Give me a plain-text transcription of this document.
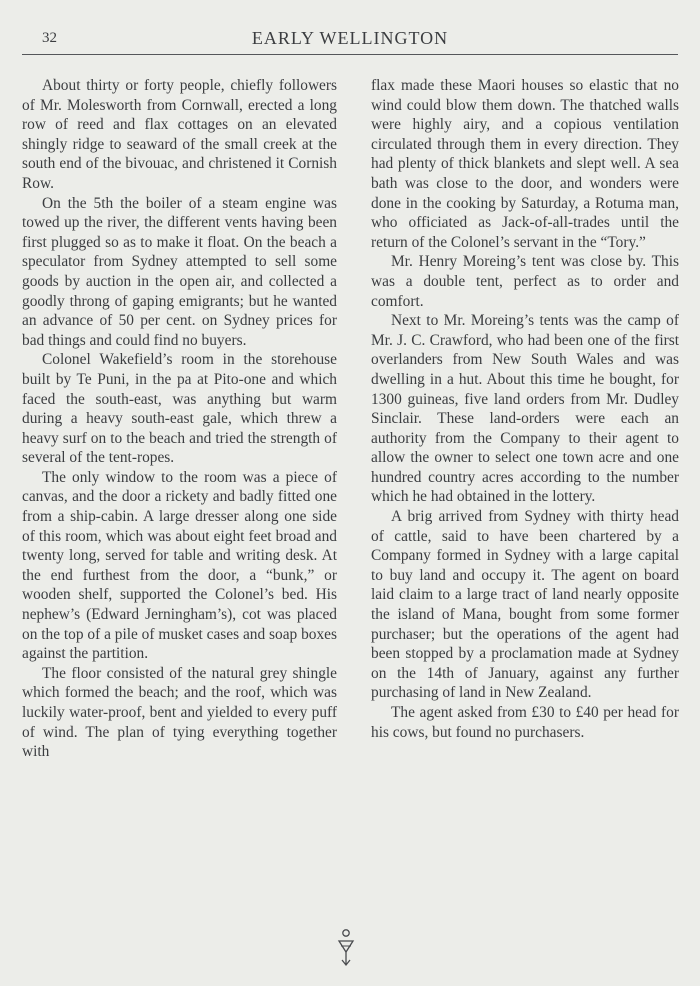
32	EARLY WELLINGTON

About thirty or forty people, chiefly followers of Mr. Molesworth from Cornwall, erected a long row of reed and flax cottages on an elevated shingly ridge to seaward of the small creek at the south end of the bivouac, and christened it Cornish Row.

On the 5th the boiler of a steam engine was towed up the river, the different vents having been first plugged so as to make it float. On the beach a speculator from Sydney attempted to sell some goods by auction in the open air, and collected a goodly throng of gaping emigrants; but he wanted an advance of 50 per cent. on Sydney prices for bad things and could find no buyers.

Colonel Wakefield’s room in the storehouse built by Te Puni, in the pa at Pito-one and which faced the south-east, was anything but warm during a heavy south-east gale, which threw a heavy surf on to the beach and tried the strength of several of the tent-ropes.

The only window to the room was a piece of canvas, and the door a rickety and badly fitted one from a ship-cabin. A large dresser along one side of this room, which was about eight feet broad and twenty long, served for table and writing desk. At the end furthest from the door, a “bunk,” or wooden shelf, supported the Colonel’s bed. His nephew’s (Edward Jerningham’s), cot was placed on the top of a pile of musket cases and soap boxes against the partition.

The floor consisted of the natural grey shingle which formed the beach; and the roof, which was luckily water-proof, bent and yielded to every puff of wind. The plan of tying everything together with

flax made these Maori houses so elastic that no wind could blow them down. The thatched walls were highly airy, and a copious ventilation circulated through them in every direction. They had plenty of thick blankets and slept well. A sea bath was close to the door, and wonders were done in the cooking by Saturday, a Rotuma man, who officiated as Jack-of-all-trades until the return of the Colonel’s servant in the “Tory.”

Mr. Henry Moreing’s tent was close by. This was a double tent, perfect as to order and comfort.

Next to Mr. Moreing’s tents was the camp of Mr. J. C. Crawford, who had been one of the first overlanders from New South Wales and was dwelling in a hut. About this time he bought, for 1300 guineas, five land orders from Mr. Dudley Sinclair. These land-orders were each an authority from the Company to their agent to allow the owner to select one town acre and one hundred country acres according to the number which he had obtained in the lottery.

A brig arrived from Sydney with thirty head of cattle, said to have been chartered by a Company formed in Sydney with a large capital to buy land and occupy it. The agent on board laid claim to a large tract of land nearly opposite the island of Mana, bought from some former purchaser; but the operations of the agent had been stopped by a proclamation made at Sydney on the 14th of January, against any further purchasing of land in New Zealand.

The agent asked from £30 to £40 per head for his cows, but found no purchasers.
